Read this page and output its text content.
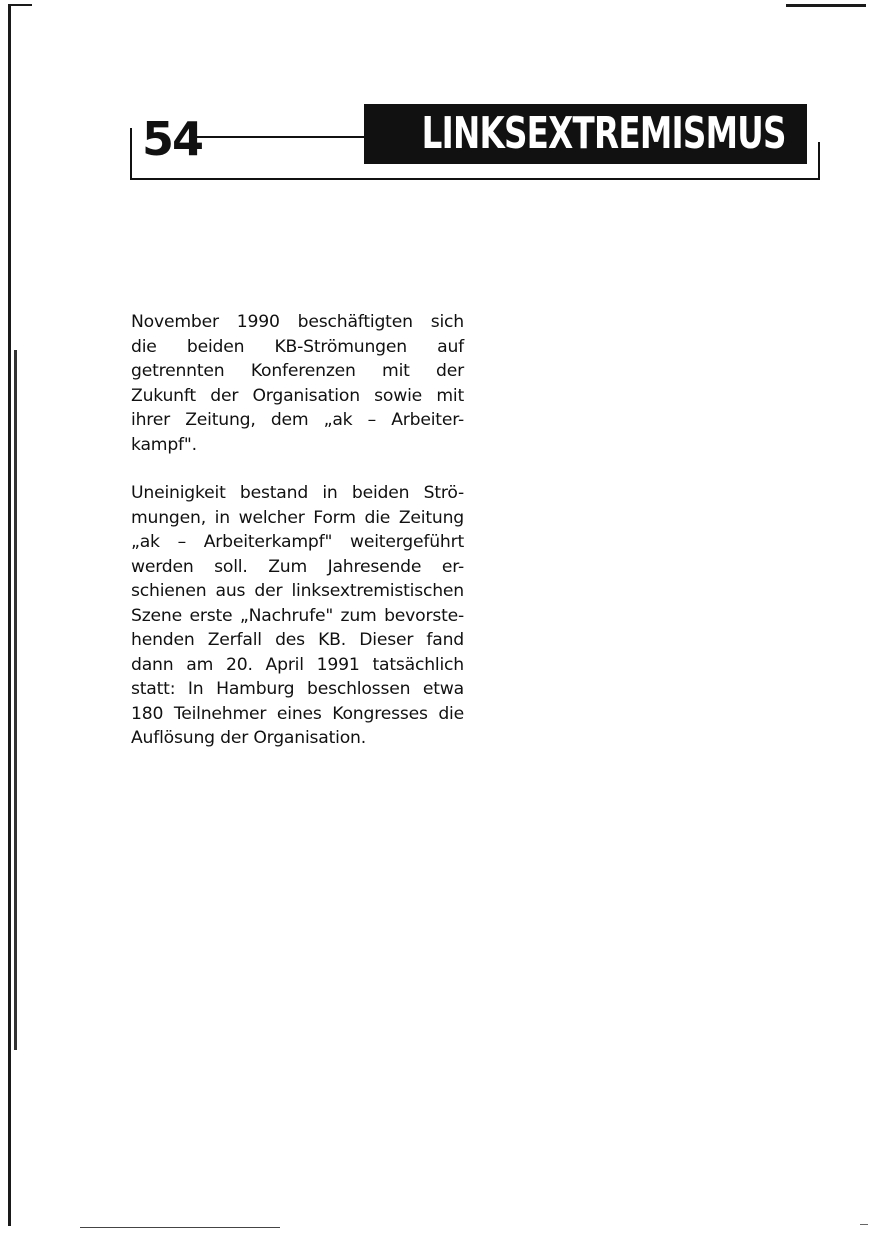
54	LINKSEXTREMISMUS

November 1990 beschäftigten sich
die beiden KB-Strömungen auf
getrennten Konferenzen mit der
Zukunft der Organisation sowie mit
ihrer Zeitung, dem „ak – Arbeiter-
kampf".

Uneinigkeit bestand in beiden Strö-
mungen, in welcher Form die Zeitung
„ak – Arbeiterkampf" weitergeführt
werden soll. Zum Jahresende er-
schienen aus der linksextremistischen
Szene erste „Nachrufe" zum bevorste-
henden Zerfall des KB. Dieser fand
dann am 20. April 1991 tatsächlich
statt: In Hamburg beschlossen etwa
180 Teilnehmer eines Kongresses die
Auflösung der Organisation.
